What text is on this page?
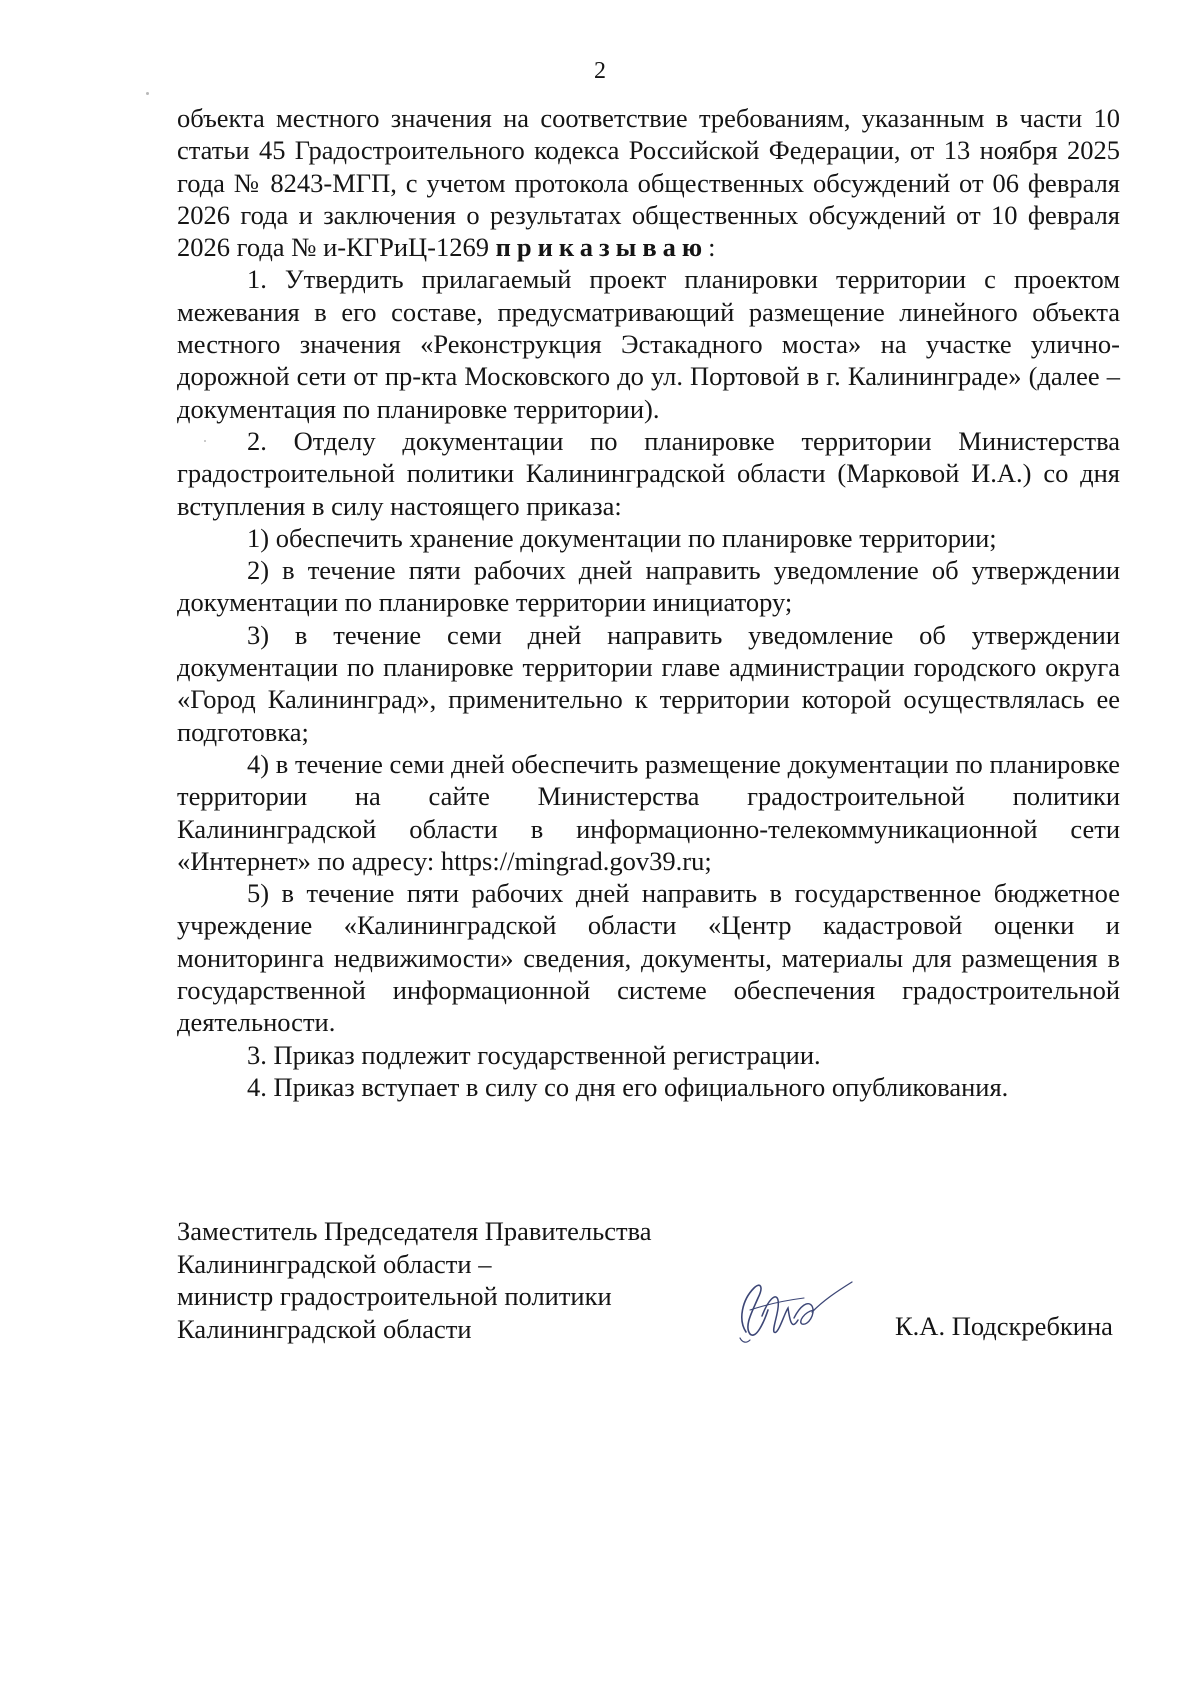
2

объекта местного значения на соответствие требованиям, указанным в части 10 статьи 45 Градостроительного кодекса Российской Федерации, от 13 ноября 2025 года № 8243-МГП, с учетом протокола общественных обсуждений от 06 февраля 2026 года и заключения о результатах общественных обсуждений от 10 февраля 2026 года № и-КГРиЦ-1269 приказываю:

1. Утвердить прилагаемый проект планировки территории с проектом межевания в его составе, предусматривающий размещение линейного объекта местного значения «Реконструкция Эстакадного моста» на участке улично-дорожной сети от пр-кта Московского до ул. Портовой в г. Калининграде» (далее – документация по планировке территории).

2. Отделу документации по планировке территории Министерства градостроительной политики Калининградской области (Марковой И.А.) со дня вступления в силу настоящего приказа:

1) обеспечить хранение документации по планировке территории;

2) в течение пяти рабочих дней направить уведомление об утверждении документации по планировке территории инициатору;

3) в течение семи дней направить уведомление об утверждении документации по планировке территории главе администрации городского округа «Город Калининград», применительно к территории которой осуществлялась ее подготовка;

4) в течение семи дней обеспечить размещение документации по планировке территории на сайте Министерства градостроительной политики Калининградской области в информационно-телекоммуникационной сети «Интернет» по адресу: https://mingrad.gov39.ru;

5) в течение пяти рабочих дней направить в государственное бюджетное учреждение «Калининградской области «Центр кадастровой оценки и мониторинга недвижимости» сведения, документы, материалы для размещения в государственной информационной системе обеспечения градостроительной деятельности.

3. Приказ подлежит государственной регистрации.

4. Приказ вступает в силу со дня его официального опубликования.

Заместитель Председателя Правительства
Калининградской области –
министр градостроительной политики
Калининградской области	К.А. Подскребкина
